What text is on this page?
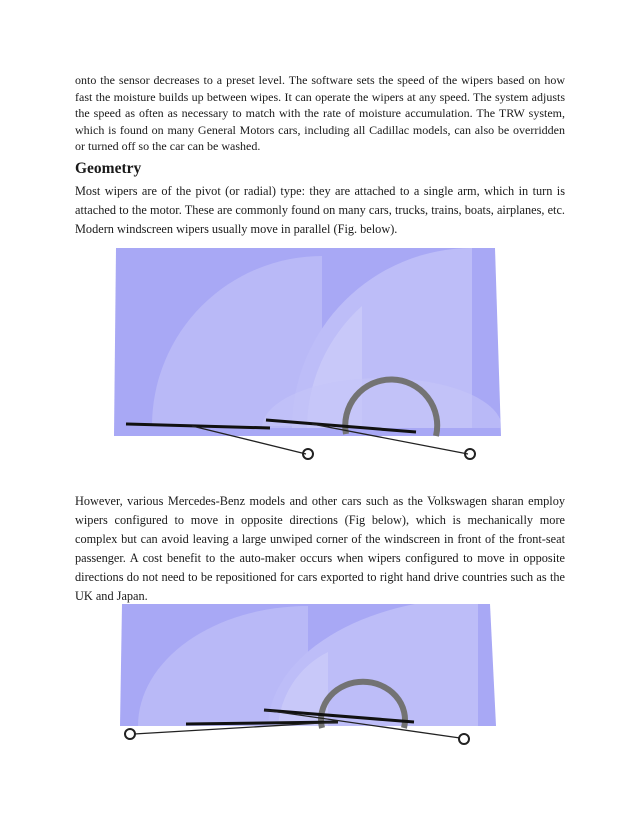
onto the sensor decreases to a preset level. The software sets the speed of the wipers based on how fast the moisture builds up between wipes. It can operate the wipers at any speed. The system adjusts the speed as often as necessary to match with the rate of moisture accumulation. The TRW system, which is found on many General Motors cars, including all Cadillac models, can also be overridden or turned off so the car can be washed.

Geometry

Most wipers are of the pivot (or radial) type: they are attached to a single arm, which in turn is attached to the motor. These are commonly found on many cars, trucks, trains, boats, airplanes, etc. Modern windscreen wipers usually move in parallel (Fig. below).

However, various Mercedes-Benz models and other cars such as the Volkswagen sharan employ wipers configured to move in opposite directions (Fig below), which is mechanically more complex but can avoid leaving a large unwiped corner of the windscreen in front of the front-seat passenger. A cost benefit to the auto-maker occurs when wipers configured to move in opposite directions do not need to be repositioned for cars exported to right hand drive countries such as the UK and Japan.
